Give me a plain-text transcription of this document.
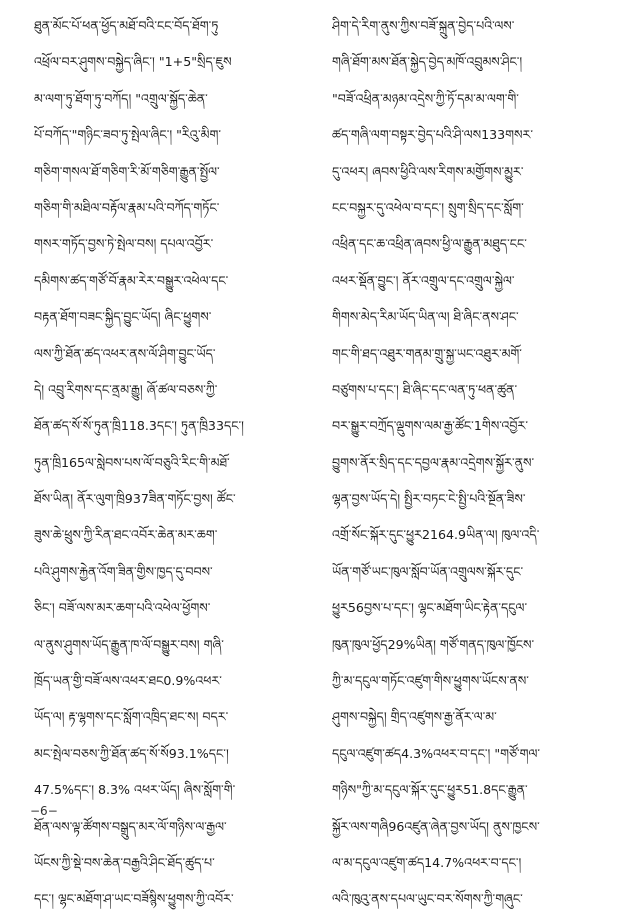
ཐུན་མོང་པོ་ཕན་ཕྱོད་མཐོ་བའི་ངང་བོད་ཐོག་ཏུ
འཕྲོལ་བར་ཤུགས་བསྐྱེད་ཞིང་། "1+5"སྲིད་ཇུས
མ་ལག་ཏུ་ཐོག་ཏུ་བཀོད། "འགྲུལ་སྐྱོད་ཆེན་
པོ་བཀོད་"གཉིང་ཟབ་ཏུ་སྤེལ་ཞིང་། "རིའུ་མིག་
གཅིག་གསལ་ཐོ་གཅིག་རི་མོ་གཅིག་རྒྱུན་སྤྱོལ་
གཅིག་གི་མཐིལ་བརྟོལ་རྣམ་པའི་བཀོད་གཏོང་
གསར་གཏོད་བྱས་ཏེ་སྤེལ་བས། དཔལ་འབྱོར་
དམིགས་ཚད་གཙོ་བོ་རྣམ་རེར་བསྒྱུར་འཕེལ་དང་
བརྟན་ཐོག་བཟང་སྐྱིད་བྱུང་ཡོད། ཞིང་ཕྱུགས་
ལས་ཀྱི་ཐོན་ཚད་འཕར་ནས་ལོ་ཤིག་བྱུང་ཡོད་
དེ། འབྲུ་རིགས་དང་ནྲམ་རྒྱུ། ཞོ་ཚལ་བཅས་ཀྱི་
ཐོན་ཚད་སོ་སོ་ཏུན་ཁྲི118.3དང་། ཏུན་ཁྲི33དང་།
ཏུན་ཁྲི165ལ་སླེབས་པས་ལོ་བཅུའི་རིང་གི་མཐོ་
ཐོས་ཡིན། ནོར་ལུག་ཁྲི937ཟིན་གཏོང་བྱས། ཚོང་
ཟུས་ཆེ་ཕྲུས་ཀྱི་རིན་ཐང་འབོར་ཆེན་མར་ཆག་
པའི་ཤུགས་རྐྱེན་འོག་ཟིན་གྱིས་ཁྱད་དུ་བབས་
ཅིང་། བཟོ་ལས་མར་ཆག་པའི་འཕེལ་ཕྱོགས་
ལ་ནུས་ཤུགས་ཡོད་རྒྱུན་ཁ་ལོ་བསྒྱུར་བས། གཞི་
ཁྲོད་ཡན་གྱི་བཟོ་ལས་འཕར་ཐང0.9%འཕར་
ཡོད་ལ། རྟ་ལྷགས་དང་སློག་འཁྲིད་ཐང་ས། བདར་
མང་སྤེལ་བཅས་ཀྱི་ཐོན་ཚད་སོ་སོ93.1%དང་།
47.5%དང་། 8.3% འཕར་ཡོད། ཞིས་སློག་གི་
ཐོན་ལས་ལྟ་ཚོགས་བསྒྲུད་མར་ལོ་གཉིས་ལ་རྒྱལ་
ཡོངས་ཀྱི་སྡེ་བས་ཆེན་བརྒྱའི་ཤིང་ཐོད་ཚུད་པ་
དང་། ལྷང་མཐོག་ཤ་ཡང་བཟོསྙིས་ཕྱུགས་ཀྱི་འབོར་
ཤིག་དེ་རིག་ནུས་ཀྱིས་བཟོ་སྐྲུན་བྱེད་པའི་ལས་
གཞི་ཐོག་མས་ཐོན་སྐྱེད་བྱེད་མཁོ་འབྲུམས་ཤིང་།
"བཟོ་འཕྲིན་མཉམ་འདྲེས་ཀྱི་ཏོ་དམ་མ་ལག་གི་
ཚད་གཞི་ལག་བསྟར་བྱེད་པའི་ཤི་ལས133གསར་
དུ་འཕར། ཞབས་ཕྱིའི་ལས་རིགས་མགྱོགས་མྱུར་
ངང་བསྐྱར་དུ་འཕེལ་བ་དང་། སྲུག་སྲིད་དང་སློག་
འཕྲིན་དང་ཆ་འཕྲིན་ཞབས་ཕྱི་ལ་རྒྱུན་མཐུད་ངང་
འཕར་སྡོན་བྱུང་། ནོར་འགྲུལ་དང་འགྲུལ་སྐྱེལ་
གིགས་མེད་རིམ་ཡོད་ཡིན་ལ། ཐི་ཞིང་ནས་ཤང་
གང་གི་ཐད་འཐུར་གནམ་གྲུ་སྐྱ་ཡང་འཐུར་མགོ་
བཙུགས་པ་དང་། ཐི་ཞིང་དང་ལན་ཏུ་ཕན་ཚུན་
བར་སྒྱུར་བཀྲོད་ལྡུགས་ལམ་རྒྱ་ཚོང་1གིས་འབྱོར་
བྱུགས་ནོར་སྲིད་དང་དབྱལ་རྣམ་འདྲེགས་སྐྱོར་ནུས་
ལྷན་བྱས་ཡོད་དེ། སྤྱིར་བཏང་ངེ་སྤྱི་པའི་སྔོན་ཟིས་
འགྲོ་སོང་སྐོར་དུང་ཕྱུར2164.9ཡིན་ལ། ཁུལ་འདི་
ཡོན་གཙོ་ཡང་ཁུལ་སློབ་ཡོན་འགྲུལས་སྐོར་དུང་
ཕྱུར56བྱས་པ་དང་། ལྷང་མཐོག་ཡིང་རྟེན་དངུལ་
ཁུན་ཁུལ་ཕྱོད29%ཡིན། གཙོ་གནད་ཁུལ་ཁྱོངས་
ཀྱི་མ་དངུལ་གཏོང་འཛུག་གིས་ཕྱུགས་ཡོངས་ནས་
ཤུགས་བསྐྱེད། གྲིད་འཛུགས་རྒྱ་ནོར་ལ་མ་
དངུལ་འཛུག་ཚད4.3%འཕར་བ་དང་། "གཙོ་གལ་
གཉིས"ཀྱི་མ་དངུལ་སྐོར་དུང་ཕྱུར51.8དང་རྒྱུན་
སྐྱོར་ལས་གཞི96འཛུན་ཞེན་བྱས་ཡོད། ནུས་ཁྱངས་
ལ་མ་དངུལ་འཛུག་ཚད14.7%འཕར་བ་དང་།
ལའི་ཁུའུ་ནས་དཔལ་ཡུང་བར་སོགས་ཀྱི་གཞུང་
−6−
